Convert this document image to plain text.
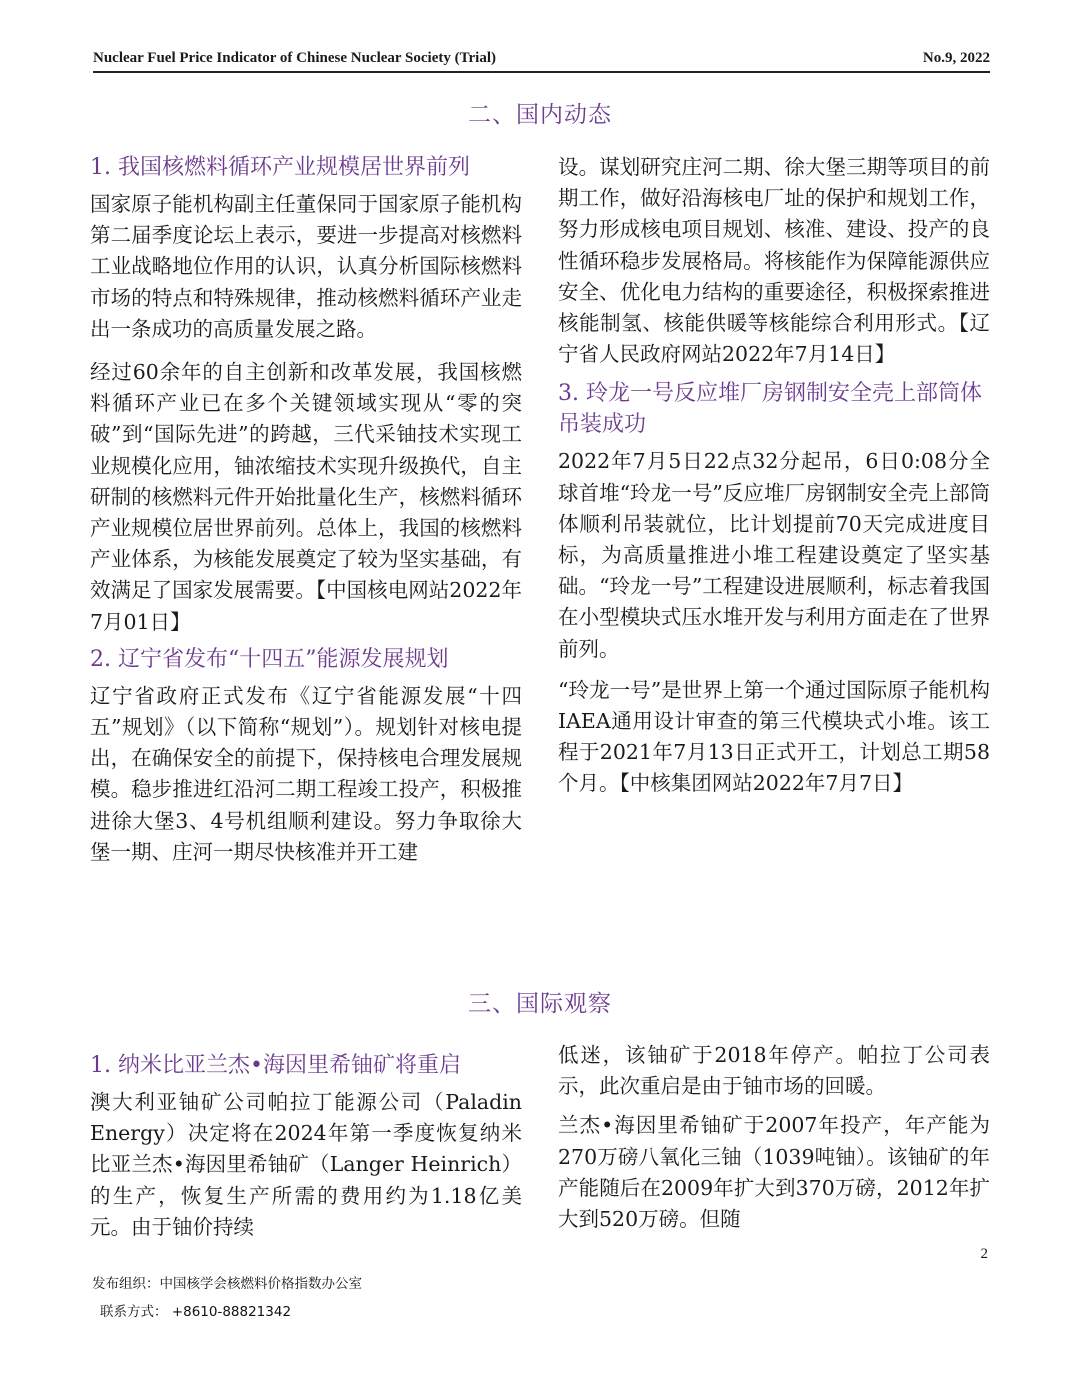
Nuclear Fuel Price Indicator of Chinese Nuclear Society (Trial)	No.9, 2022
二、国内动态
1. 我国核燃料循环产业规模居世界前列
国家原子能机构副主任董保同于国家原子能机构第二届季度论坛上表示，要进一步提高对核燃料工业战略地位作用的认识，认真分析国际核燃料市场的特点和特殊规律，推动核燃料循环产业走出一条成功的高质量发展之路。
经过60余年的自主创新和改革发展，我国核燃料循环产业已在多个关键领域实现从“零的突破”到“国际先进”的跨越，三代采铀技术实现工业规模化应用，铀浓缩技术实现升级换代，自主研制的核燃料元件开始批量化生产，核燃料循环产业规模位居世界前列。总体上，我国的核燃料产业体系，为核能发展奠定了较为坚实基础，有效满足了国家发展需要。【中国核电网站2022年7月01日】
2. 辽宁省发布“十四五”能源发展规划
辽宁省政府正式发布《辽宁省能源发展“十四五”规划》（以下简称“规划”）。规划针对核电提出，在确保安全的前提下，保持核电合理发展规模。稳步推进红沿河二期工程竣工投产，积极推进徐大堡3、4号机组顺利建设。努力争取徐大堡一期、庄河一期尽快核准并开工建
设。谋划研究庄河二期、徐大堡三期等项目的前期工作，做好沿海核电厂址的保护和规划工作，努力形成核电项目规划、核准、建设、投产的良性循环稳步发展格局。将核能作为保障能源供应安全、优化电力结构的重要途径，积极探索推进核能制氢、核能供暖等核能综合利用形式。【辽宁省人民政府网站2022年7月14日】
3. 玲龙一号反应堆厂房钢制安全壳上部筒体吊装成功
2022年7月5日22点32分起吊，6日0:08分全球首堆“玲龙一号”反应堆厂房钢制安全壳上部筒体顺利吊装就位，比计划提前70天完成进度目标，为高质量推进小堆工程建设奠定了坚实基础。“玲龙一号”工程建设进展顺利，标志着我国在小型模块式压水堆开发与利用方面走在了世界前列。
“玲龙一号”是世界上第一个通过国际原子能机构IAEA通用设计审查的第三代模块式小堆。该工程于2021年7月13日正式开工，计划总工期58个月。【中核集团网站2022年7月7日】
三、国际观察
1. 纳米比亚兰杰•海因里希铀矿将重启
澳大利亚铀矿公司帕拉丁能源公司（Paladin Energy）决定将在2024年第一季度恢复纳米比亚兰杰•海因里希铀矿（Langer Heinrich）的生产，恢复生产所需的费用约为1.18亿美元。由于铀价持续
低迷，该铀矿于2018年停产。帕拉丁公司表示，此次重启是由于铀市场的回暖。
兰杰•海因里希铀矿于2007年投产，年产能为270万磅八氧化三铀（1039吨铀）。该铀矿的年产能随后在2009年扩大到370万磅，2012年扩大到520万磅。但随
2
发布组织：中国核学会核燃料价格指数办公室
联系方式： +8610-88821342
